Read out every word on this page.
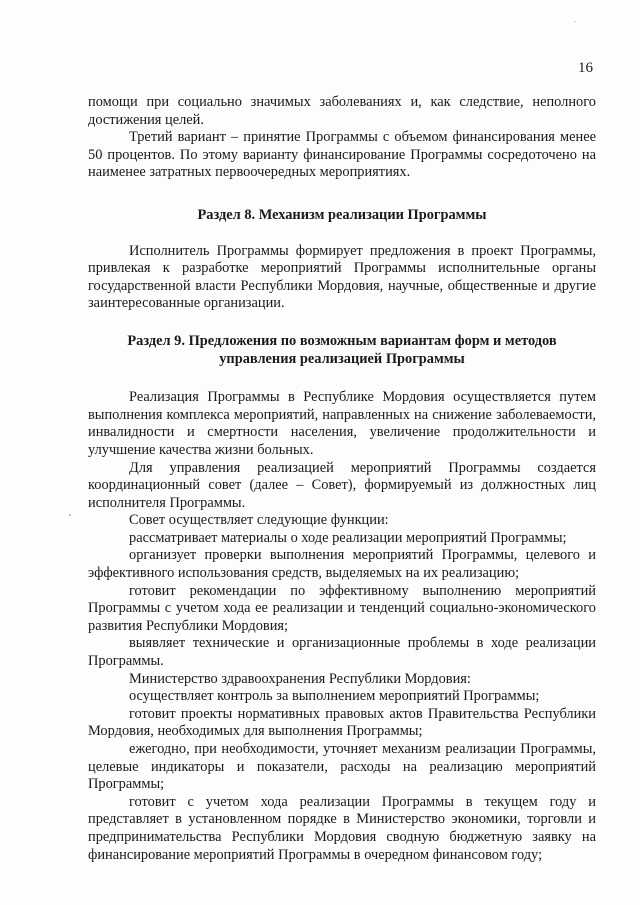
16

помощи при социально значимых заболеваниях и, как следствие, неполного достижения целей.

Третий вариант – принятие Программы с объемом финансирования менее 50 процентов. По этому варианту финансирование Программы сосредоточено на наименее затратных первоочередных мероприятиях.

Раздел 8. Механизм реализации Программы

Исполнитель Программы формирует предложения в проект Программы, привлекая к разработке мероприятий Программы исполнительные органы государственной власти Республики Мордовия, научные, общественные и другие заинтересованные организации.

Раздел 9. Предложения по возможным вариантам форм и методов
управления реализацией Программы

Реализация Программы в Республике Мордовия осуществляется путем выполнения комплекса мероприятий, направленных на снижение заболеваемости, инвалидности и смертности населения, увеличение продолжительности и улучшение качества жизни больных.

Для управления реализацией мероприятий Программы создается координационный совет (далее – Совет), формируемый из должностных лиц исполнителя Программы.

Совет осуществляет следующие функции:

рассматривает материалы о ходе реализации мероприятий Программы;

организует проверки выполнения мероприятий Программы, целевого и эффективного использования средств, выделяемых на их реализацию;

готовит рекомендации по эффективному выполнению мероприятий Программы с учетом хода ее реализации и тенденций социально-экономического развития Республики Мордовия;

выявляет технические и организационные проблемы в ходе реализации Программы.

Министерство здравоохранения Республики Мордовия:

осуществляет контроль за выполнением мероприятий Программы;

готовит проекты нормативных правовых актов Правительства Республики Мордовия, необходимых для выполнения Программы;

ежегодно, при необходимости, уточняет механизм реализации Программы, целевые индикаторы и показатели, расходы на реализацию мероприятий Программы;

готовит с учетом хода реализации Программы в текущем году и представляет в установленном порядке в Министерство экономики, торговли и предпринимательства Республики Мордовия сводную бюджетную заявку на финансирование мероприятий Программы в очередном финансовом году;
